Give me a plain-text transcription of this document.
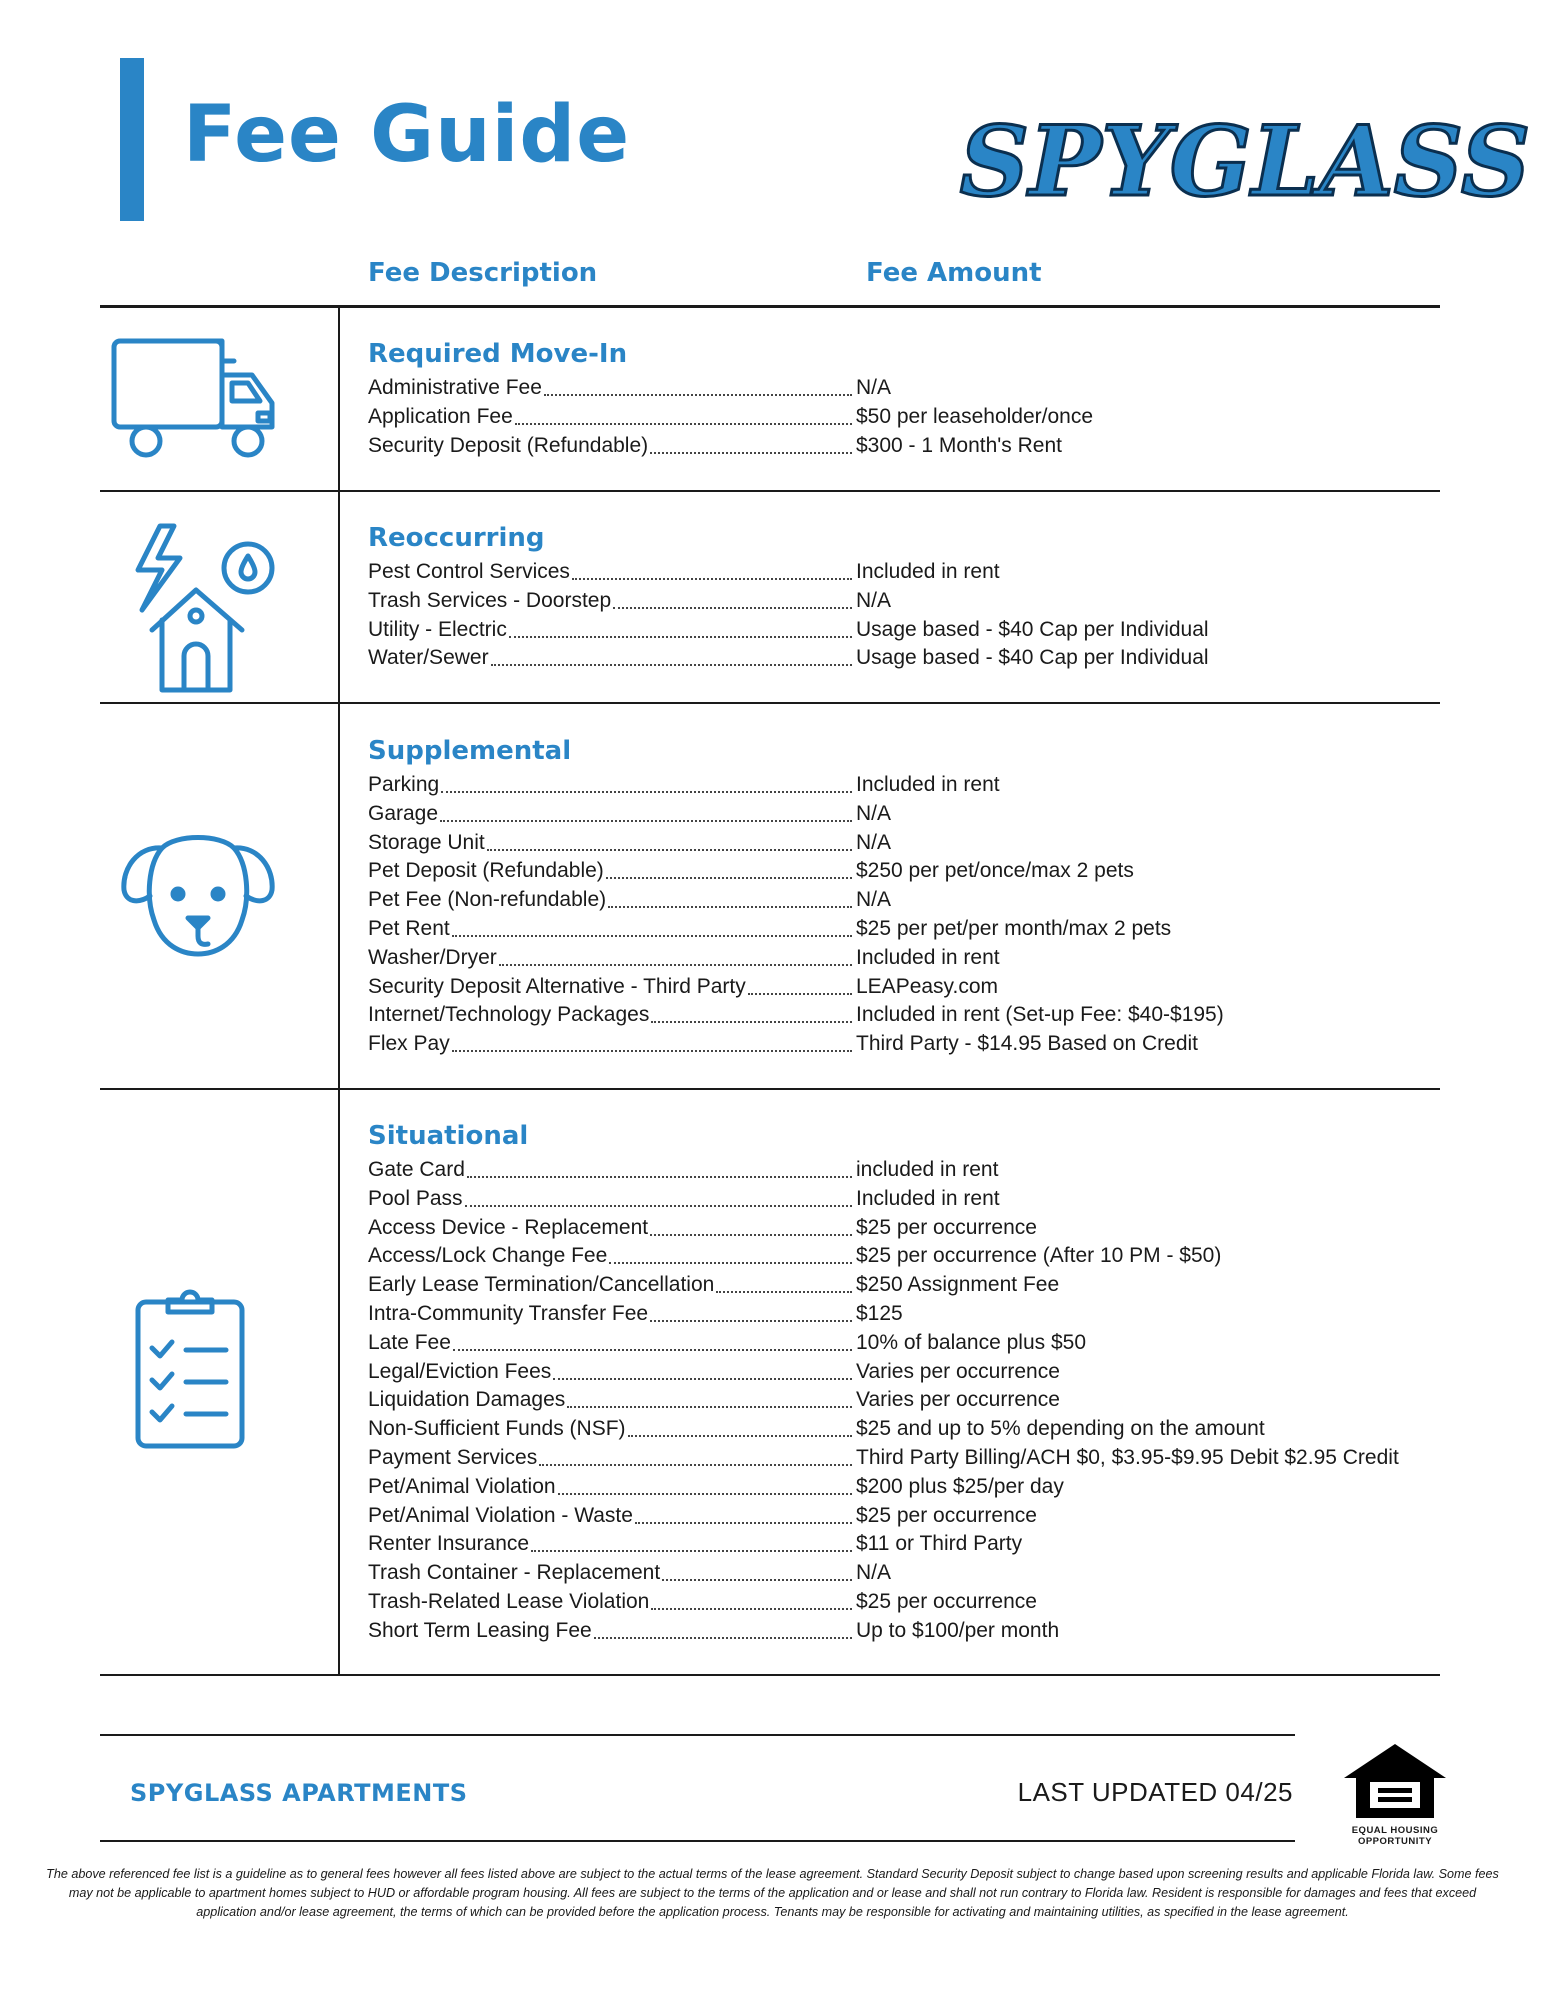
Fee Guide	SPYGLASS
Fee Description	Fee Amount
Required Move-In
Administrative Fee	N/A
Application Fee	$50 per leaseholder/once
Security Deposit (Refundable)	$300 - 1 Month's Rent
Reoccurring
Pest Control Services	Included in rent
Trash Services - Doorstep	N/A
Utility - Electric	Usage based - $40 Cap per Individual
Water/Sewer	Usage based - $40 Cap per Individual
Supplemental
Parking	Included in rent
Garage	N/A
Storage Unit	N/A
Pet Deposit (Refundable)	$250 per pet/once/max 2 pets
Pet Fee (Non-refundable)	N/A
Pet Rent	$25 per pet/per month/max 2 pets
Washer/Dryer	Included in rent
Security Deposit Alternative - Third Party	LEAPeasy.com
Internet/Technology Packages	Included in rent (Set-up Fee: $40-$195)
Flex Pay	Third Party - $14.95 Based on Credit
Situational
Gate Card	included in rent
Pool Pass	Included in rent
Access Device - Replacement	$25 per occurrence
Access/Lock Change Fee	$25 per occurrence (After 10 PM - $50)
Early Lease Termination/Cancellation	$250 Assignment Fee
Intra-Community Transfer Fee	$125
Late Fee	10% of balance plus $50
Legal/Eviction Fees	Varies per occurrence
Liquidation Damages	Varies per occurrence
Non-Sufficient Funds (NSF)	$25 and up to 5% depending on the amount
Payment Services	Third Party Billing/ACH $0, $3.95-$9.95 Debit $2.95 Credit
Pet/Animal Violation	$200 plus $25/per day
Pet/Animal Violation - Waste	$25 per occurrence
Renter Insurance	$11 or Third Party
Trash Container - Replacement	N/A
Trash-Related Lease Violation	$25 per occurrence
Short Term Leasing Fee	Up to $100/per month
SPYGLASS APARTMENTS	LAST UPDATED 04/25
EQUAL HOUSING
OPPORTUNITY
The above referenced fee list is a guideline as to general fees however all fees listed above are subject to the actual terms of the lease agreement. Standard Security Deposit subject to change based upon screening results and applicable Florida law. Some fees may not be applicable to apartment homes subject to HUD or affordable program housing. All fees are subject to the terms of the application and or lease and shall not run contrary to Florida law. Resident is responsible for damages and fees that exceed application and/or lease agreement, the terms of which can be provided before the application process. Tenants may be responsible for activating and maintaining utilities, as specified in the lease agreement.
